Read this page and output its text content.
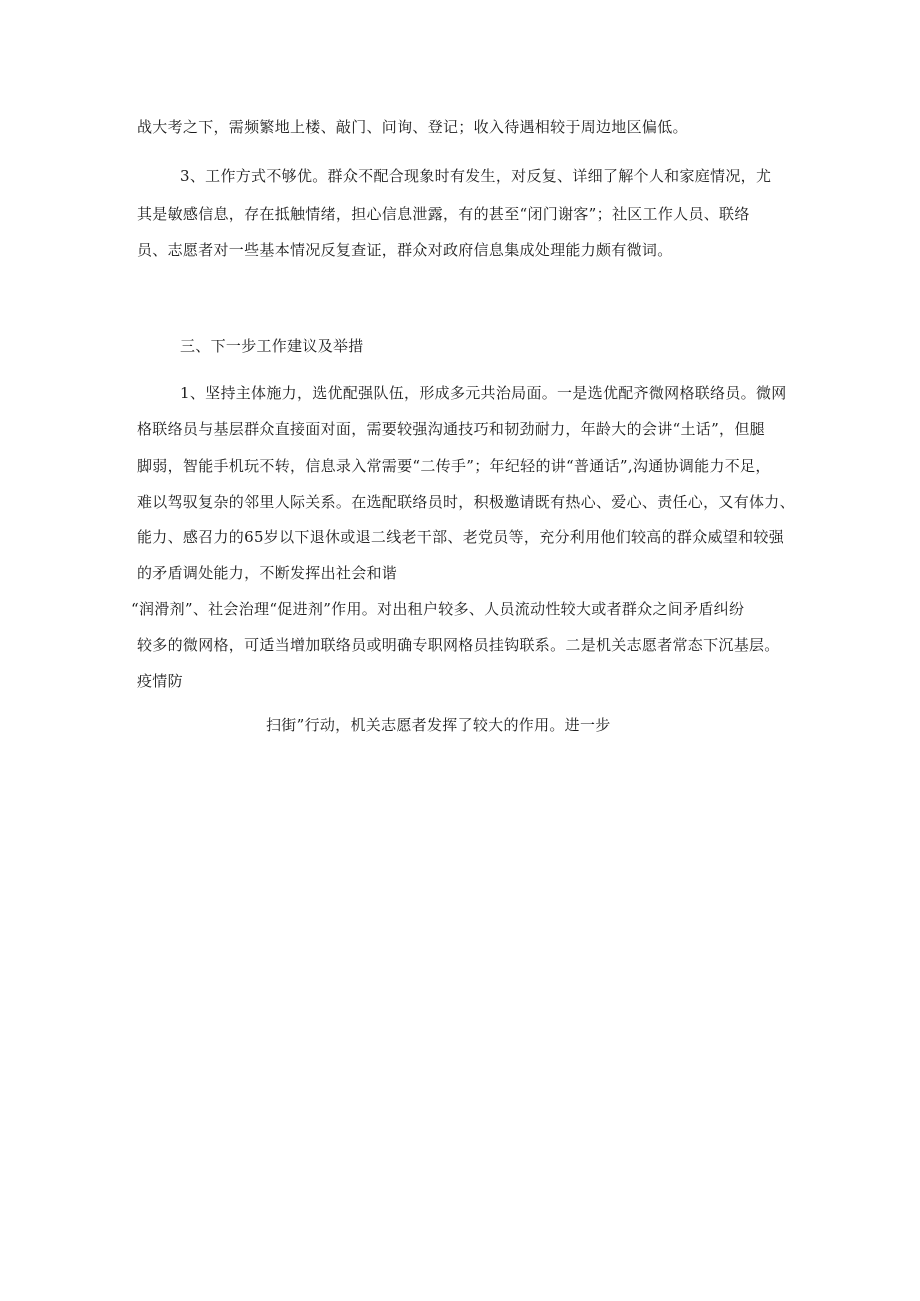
战大考之下，需频繁地上楼、敲门、问询、登记；收入待遇相较于周边地区偏低。
3、工作方式不够优。群众不配合现象时有发生，对反复、详细了解个人和家庭情况，尤
其是敏感信息，存在抵触情绪，担心信息泄露，有的甚至“闭门谢客”；社区工作人员、联络
员、志愿者对一些基本情况反复查证，群众对政府信息集成处理能力颇有微词。
三、下一步工作建议及举措
1、坚持主体施力，选优配强队伍，形成多元共治局面。一是选优配齐微网格联络员。微网
格联络员与基层群众直接面对面，需要较强沟通技巧和韧劲耐力，年龄大的会讲“土话”，但腿
脚弱，智能手机玩不转，信息录入常需要“二传手”；年纪轻的讲“普通话”,沟通协调能力不足，
难以驾驭复杂的邻里人际关系。在选配联络员时，积极邀请既有热心、爱心、责任心，又有体力、
能力、感召力的65岁以下退休或退二线老干部、老党员等，充分利用他们较高的群众威望和较强
的矛盾调处能力，不断发挥出社会和谐
“润滑剂”、社会治理“促进剂”作用。对出租户较多、人员流动性较大或者群众之间矛盾纠纷
较多的微网格，可适当增加联络员或明确专职网格员挂钩联系。二是机关志愿者常态下沉基层。
疫情防
扫街”行动，机关志愿者发挥了较大的作用。进一步
